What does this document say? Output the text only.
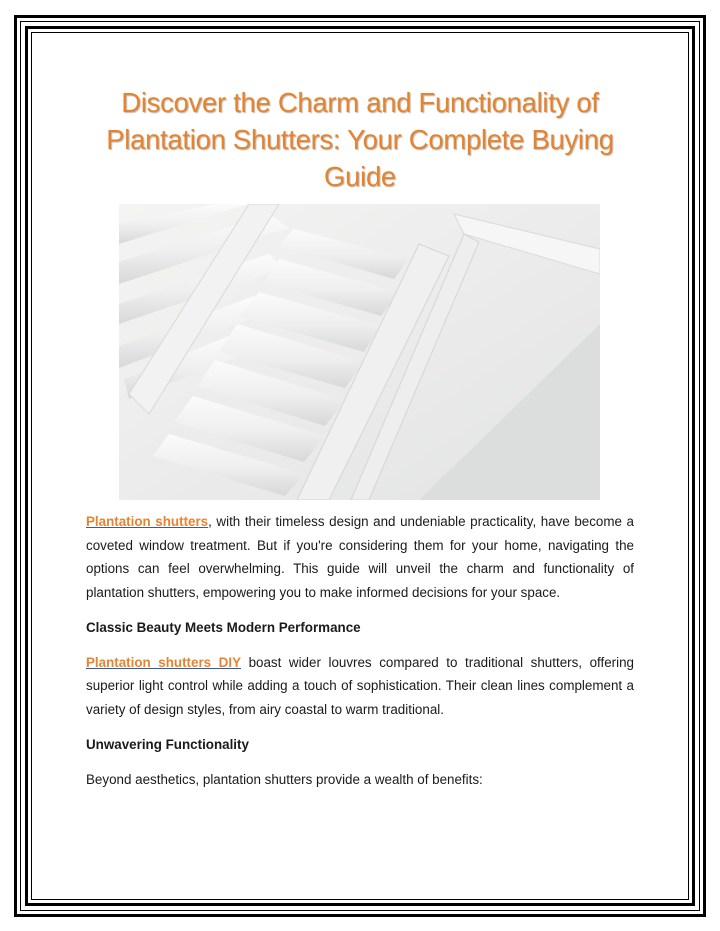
Discover the Charm and Functionality of Plantation Shutters: Your Complete Buying Guide

Plantation shutters, with their timeless design and undeniable practicality, have become a coveted window treatment. But if you're considering them for your home, navigating the options can feel overwhelming. This guide will unveil the charm and functionality of plantation shutters, empowering you to make informed decisions for your space.

Classic Beauty Meets Modern Performance

Plantation shutters DIY boast wider louvres compared to traditional shutters, offering superior light control while adding a touch of sophistication. Their clean lines complement a variety of design styles, from airy coastal to warm traditional.

Unwavering Functionality

Beyond aesthetics, plantation shutters provide a wealth of benefits:
